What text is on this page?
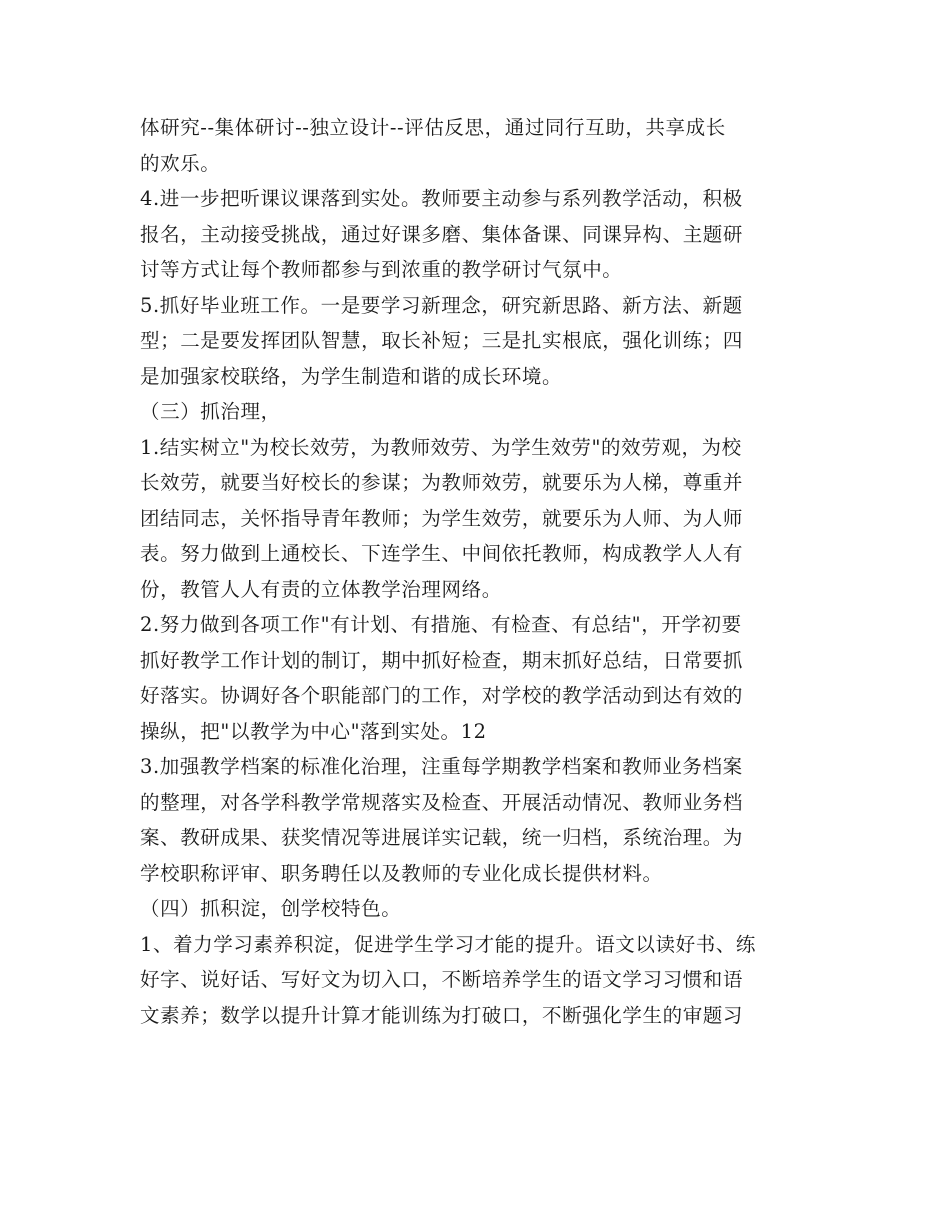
体研究--集体研讨--独立设计--评估反思，通过同行互助，共享成长
的欢乐。
4.进一步把听课议课落到实处。教师要主动参与系列教学活动，积极
报名，主动接受挑战，通过好课多磨、集体备课、同课异构、主题研
讨等方式让每个教师都参与到浓重的教学研讨气氛中。
5.抓好毕业班工作。一是要学习新理念，研究新思路、新方法、新题
型；二是要发挥团队智慧，取长补短；三是扎实根底，强化训练；四
是加强家校联络，为学生制造和谐的成长环境。
（三）抓治理，
1.结实树立"为校长效劳，为教师效劳、为学生效劳"的效劳观，为校
长效劳，就要当好校长的参谋；为教师效劳，就要乐为人梯，尊重并
团结同志，关怀指导青年教师；为学生效劳，就要乐为人师、为人师
表。努力做到上通校长、下连学生、中间依托教师，构成教学人人有
份，教管人人有责的立体教学治理网络。
2.努力做到各项工作"有计划、有措施、有检查、有总结"，开学初要
抓好教学工作计划的制订，期中抓好检查，期末抓好总结，日常要抓
好落实。协调好各个职能部门的工作，对学校的教学活动到达有效的
操纵，把"以教学为中心"落到实处。12
3.加强教学档案的标准化治理，注重每学期教学档案和教师业务档案
的整理，对各学科教学常规落实及检查、开展活动情况、教师业务档
案、教研成果、获奖情况等进展详实记载，统一归档，系统治理。为
学校职称评审、职务聘任以及教师的专业化成长提供材料。
（四）抓积淀，创学校特色。
1、着力学习素养积淀，促进学生学习才能的提升。语文以读好书、练
好字、说好话、写好文为切入口，不断培养学生的语文学习习惯和语
文素养；数学以提升计算才能训练为打破口，不断强化学生的审题习
